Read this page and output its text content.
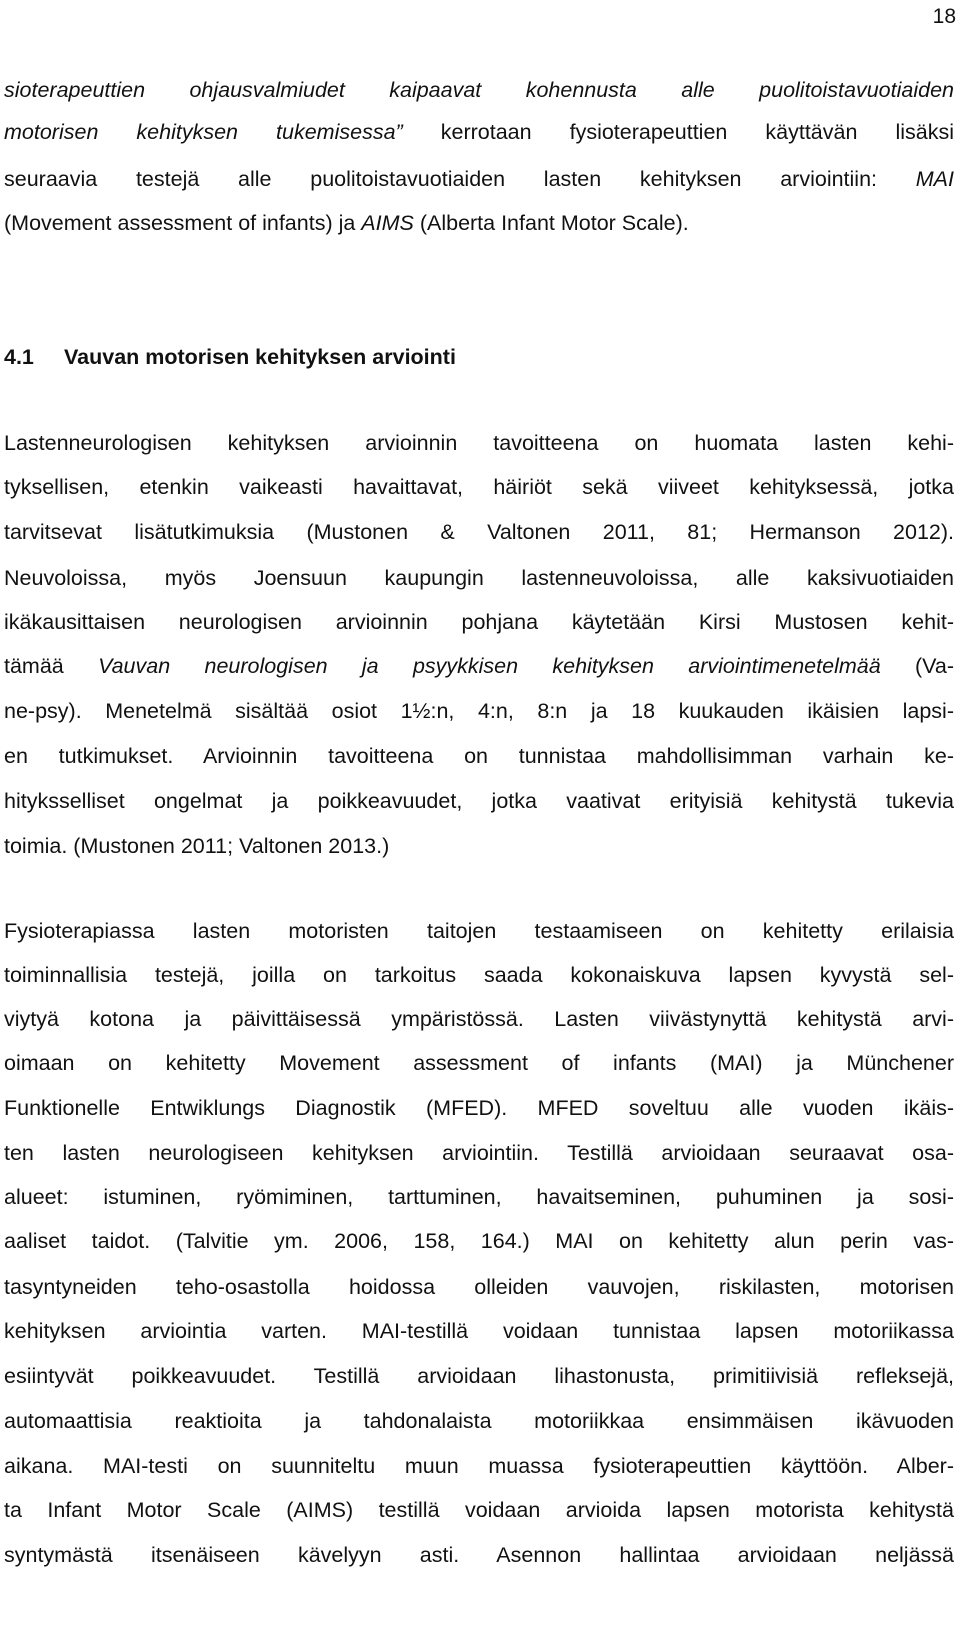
18
sioterapeuttien ohjausvalmiudet kaipaavat kohennusta alle puolitoistavuotiaiden
motorisen kehityksen tukemisessa” kerrotaan fysioterapeuttien käyttävän lisäksi
seuraavia testejä alle puolitoistavuotiaiden lasten kehityksen arviointiin: MAI
(Movement assessment of infants) ja AIMS (Alberta Infant Motor Scale).
4.1 Vauvan motorisen kehityksen arviointi
Lastenneurologisen kehityksen arvioinnin tavoitteena on huomata lasten kehi-
tyksellisen, etenkin vaikeasti havaittavat, häiriöt sekä viiveet kehityksessä, jotka
tarvitsevat lisätutkimuksia (Mustonen & Valtonen 2011, 81; Hermanson 2012).
Neuvoloissa, myös Joensuun kaupungin lastenneuvoloissa, alle kaksivuotiaiden
ikäkausittaisen neurologisen arvioinnin pohjana käytetään Kirsi Mustosen kehit-
tämää Vauvan neurologisen ja psyykkisen kehityksen arviointimenetelmää (Va-
ne-psy). Menetelmä sisältää osiot 1½:n, 4:n, 8:n ja 18 kuukauden ikäisien lapsi-
en tutkimukset. Arvioinnin tavoitteena on tunnistaa mahdollisimman varhain ke-
hityksselliset ongelmat ja poikkeavuudet, jotka vaativat erityisiä kehitystä tukevia
toimia. (Mustonen 2011; Valtonen 2013.)
Fysioterapiassa lasten motoristen taitojen testaamiseen on kehitetty erilaisia
toiminnallisia testejä, joilla on tarkoitus saada kokonaiskuva lapsen kyvystä sel-
viytyä kotona ja päivittäisessä ympäristössä. Lasten viivästynyttä kehitystä arvi-
oimaan on kehitetty Movement assessment of infants (MAI) ja Münchener
Funktionelle Entwiklungs Diagnostik (MFED). MFED soveltuu alle vuoden ikäis-
ten lasten neurologiseen kehityksen arviointiin. Testillä arvioidaan seuraavat osa-
alueet: istuminen, ryömiminen, tarttuminen, havaitseminen, puhuminen ja sosi-
aaliset taidot. (Talvitie ym. 2006, 158, 164.) MAI on kehitetty alun perin vas-
tasyntyneiden teho-osastolla hoidossa olleiden vauvojen, riskilasten, motorisen
kehityksen arviointia varten. MAI-testillä voidaan tunnistaa lapsen motoriikassa
esiintyvät poikkeavuudet. Testillä arvioidaan lihastonusta, primitiivisiä refleksejä,
automaattisia reaktioita ja tahdonalaista motoriikkaa ensimmäisen ikävuoden
aikana. MAI-testi on suunniteltu muun muassa fysioterapeuttien käyttöön. Alber-
ta Infant Motor Scale (AIMS) testillä voidaan arvioida lapsen motorista kehitystä
syntymästä itsenäiseen kävelyyn asti. Asennon hallintaa arvioidaan neljässä
